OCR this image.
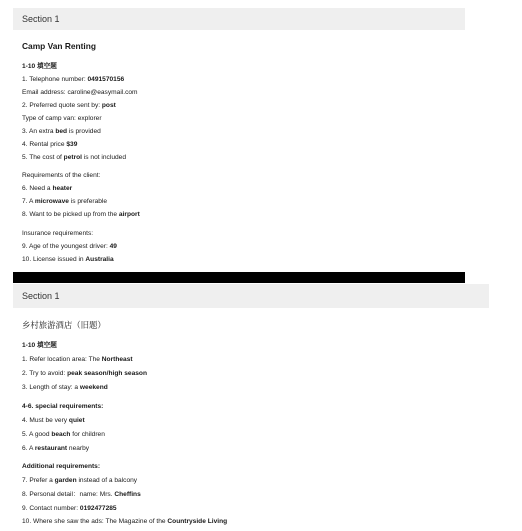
Section 1
Camp Van Renting
1-10 填空题
1. Telephone number: 0491570156
Email address: caroline@easymail.com
2. Preferred quote sent by: post
Type of camp van: explorer
3. An extra bed is provided
4. Rental price $39
5. The cost of petrol is not included
Requirements of the client:
6. Need a heater
7. A microwave is preferable
8. Want to be picked up from the airport
Insurance requirements:
9. Age of the youngest driver: 49
10. License issued in Australia
Section 1
乡村旅游酒店（旧题）
1-10 填空题
1. Refer location area: The Northeast
2. Try to avoid: peak season/high season
3. Length of stay: a weekend
4-6. special requirements:
4. Must be very quiet
5. A good beach for children
6. A restaurant nearby
Additional requirements:
7. Prefer a garden instead of a balcony
8. Personal detail：name: Mrs. Cheffins
9. Contact number: 0192477285
10. Where she saw the ads: The Magazine of the Countryside Living
